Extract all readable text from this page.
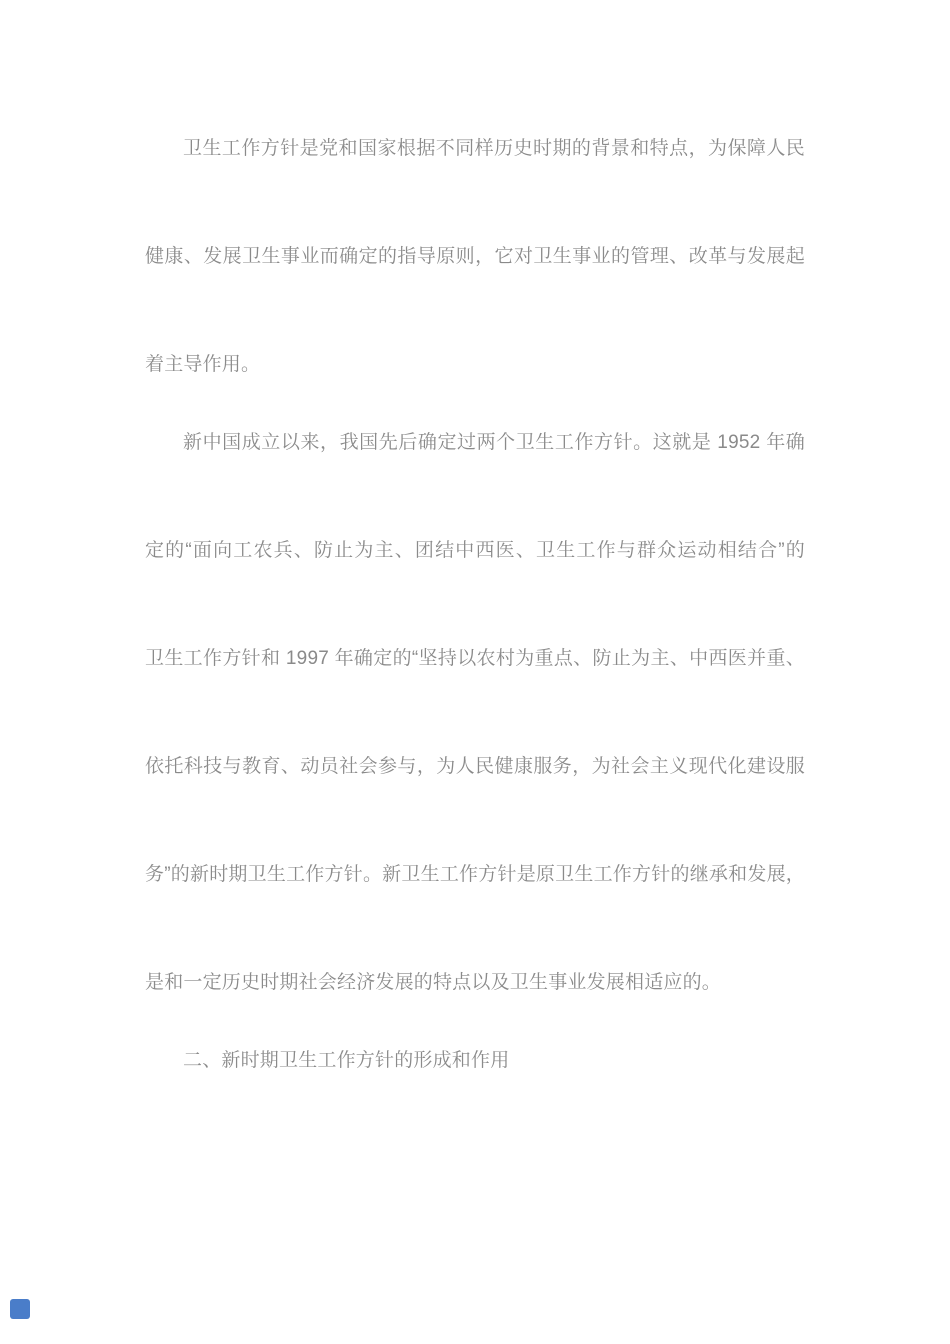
卫生工作方针是党和国家根据不同样历史时期的背景和特点，为保障人民
健康、发展卫生事业而确定的指导原则，它对卫生事业的管理、改革与发展起
着主导作用。
新中国成立以来，我国先后确定过两个卫生工作方针。这就是 1952 年确
定的“面向工农兵、防止为主、团结中西医、卫生工作与群众运动相结合”的
卫生工作方针和 1997 年确定的“坚持以农村为重点、防止为主、中西医并重、
依托科技与教育、动员社会参与，为人民健康服务，为社会主义现代化建设服
务”的新时期卫生工作方针。新卫生工作方针是原卫生工作方针的继承和发展，
是和一定历史时期社会经济发展的特点以及卫生事业发展相适应的。
二、新时期卫生工作方针的形成和作用
